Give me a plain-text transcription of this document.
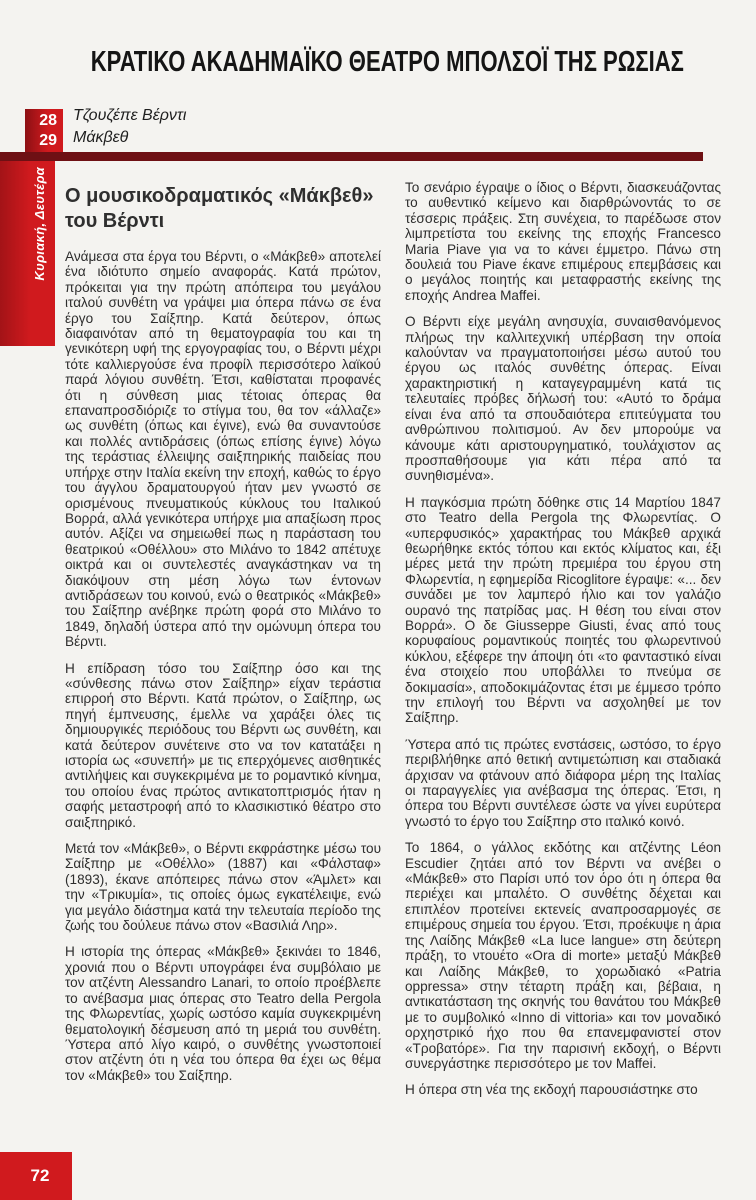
ΚΡΑΤΙΚΟ ΑΚΑΔΗΜΑΪΚΟ ΘΕΑΤΡΟ ΜΠΟΛΣΟΪ ΤΗΣ ΡΩΣΙΑΣ
28
29
Τζουζέπε Βέρντι
Μάκβεθ
Κυριακή, Δευτέρα Ο μουσικοδραματικός «Μάκβεθ» του Βέρντι

Ανάμεσα στα έργα του Βέρντι, ο «Μάκβεθ» αποτελεί ένα ιδιότυπο σημείο αναφοράς. Κατά πρώτον, πρόκειται για την πρώτη απόπειρα του μεγάλου ιταλού συνθέτη να γράψει μια όπερα πάνω σε ένα έργο του Σαίξπηρ. Κατά δεύτερον, όπως διαφαινόταν από τη θεματογραφία του και τη γενικότερη υφή της εργογραφίας του, ο Βέρντι μέχρι τότε καλλιεργούσε ένα προφίλ περισσότερο λαϊκού παρά λόγιου συνθέτη. Έτσι, καθίσταται προφανές ότι η σύνθεση μιας τέτοιας όπερας θα επαναπροσδιόριζε το στίγμα του, θα τον «άλλαζε» ως συνθέτη (όπως και έγινε), ενώ θα συναντούσε και πολλές αντιδράσεις (όπως επίσης έγινε) λόγω της τεράστιας έλλειψης σαιξπηρικής παιδείας που υπήρχε στην Ιταλία εκείνη την εποχή, καθώς το έργο του άγγλου δραματουργού ήταν μεν γνωστό σε ορισμένους πνευματικούς κύκλους του Ιταλικού Βορρά, αλλά γενικότερα υπήρχε μια απαξίωση προς αυτόν. Αξίζει να σημειωθεί πως η παράσταση του θεατρικού «Οθέλλου» στο Μιλάνο το 1842 απέτυχε οικτρά και οι συντελεστές αναγκάστηκαν να τη διακόψουν στη μέση λόγω των έντονων αντιδράσεων του κοινού, ενώ ο θεατρικός «Μάκβεθ» του Σαίξπηρ ανέβηκε πρώτη φορά στο Μιλάνο το 1849, δηλαδή ύστερα από την ομώνυμη όπερα του Βέρντι.

Η επίδραση τόσο του Σαίξπηρ όσο και της «σύνθεσης πάνω στον Σαίξπηρ» είχαν τεράστια επιρροή στο Βέρντι. Κατά πρώτον, ο Σαίξπηρ, ως πηγή έμπνευσης, έμελλε να χαράξει όλες τις δημιουργικές περιόδους του Βέρντι ως συνθέτη, και κατά δεύτερον συνέτεινε στο να τον κατατάξει η ιστορία ως «συνεπή» με τις επερχόμενες αισθητικές αντιλήψεις και συγκεκριμένα με το ρομαντικό κίνημα, του οποίου ένας πρώτος αντικατοπτρισμός ήταν η σαφής μεταστροφή από το κλασικιστικό θέατρο στο σαιξπηρικό.

Μετά τον «Μάκβεθ», ο Βέρντι εκφράστηκε μέσω του Σαίξπηρ με «Οθέλλο» (1887) και «Φάλσταφ» (1893), έκανε απόπειρες πάνω στον «Άμλετ» και την «Τρικυμία», τις οποίες όμως εγκατέλειψε, ενώ για μεγάλο διάστημα κατά την τελευταία περίοδο της ζωής του δούλευε πάνω στον «Βασιλιά Ληρ».

Η ιστορία της όπερας «Μάκβεθ» ξεκινάει το 1846, χρονιά που ο Βέρντι υπογράφει ένα συμβόλαιο με τον ατζέντη Alessandro Lanari, το οποίο προέβλεπε το ανέβασμα μιας όπερας στο Teatro della Pergola της Φλωρεντίας, χωρίς ωστόσο καμία συγκεκριμένη θεματολογική δέσμευση από τη μεριά του συνθέτη. Ύστερα από λίγο καιρό, ο συνθέτης γνωστοποιεί στον ατζέντη ότι η νέα του όπερα θα έχει ως θέμα τον «Μάκβεθ» του Σαίξπηρ.

Το σενάριο έγραψε ο ίδιος ο Βέρντι, διασκευάζοντας το αυθεντικό κείμενο και διαρθρώνοντάς το σε τέσσερις πράξεις. Στη συνέχεια, το παρέδωσε στον λιμπρετίστα του εκείνης της εποχής Francesco Maria Piave για να το κάνει έμμετρο. Πάνω στη δουλειά του Piave έκανε επιμέρους επεμβάσεις και ο μεγάλος ποιητής και μεταφραστής εκείνης της εποχής Andrea Maffei.

Ο Βέρντι είχε μεγάλη ανησυχία, συναισθανόμενος πλήρως την καλλιτεχνική υπέρβαση την οποία καλούνταν να πραγματοποιήσει μέσω αυτού του έργου ως ιταλός συνθέτης όπερας. Είναι χαρακτηριστική η καταγεγραμμένη κατά τις τελευταίες πρόβες δήλωσή του: «Αυτό το δράμα είναι ένα από τα σπουδαιότερα επιτεύγματα του ανθρώπινου πολιτισμού. Αν δεν μπορούμε να κάνουμε κάτι αριστουργηματικό, τουλάχιστον ας προσπαθήσουμε για κάτι πέρα από τα συνηθισμένα».

Η παγκόσμια πρώτη δόθηκε στις 14 Μαρτίου 1847 στο Teatro della Pergola της Φλωρεντίας. Ο «υπερφυσικός» χαρακτήρας του Μάκβεθ αρχικά θεωρήθηκε εκτός τόπου και εκτός κλίματος και, έξι μέρες μετά την πρώτη πρεμιέρα του έργου στη Φλωρεντία, η εφημερίδα Ricoglitore έγραψε: «... δεν συνάδει με τον λαμπερό ήλιο και τον γαλάζιο ουρανό της πατρίδας μας. Η θέση του είναι στον Βορρά». Ο δε Giusseppe Giusti, ένας από τους κορυφαίους ρομαντικούς ποιητές του φλωρεντινού κύκλου, εξέφερε την άποψη ότι «το φανταστικό είναι ένα στοιχείο που υποβάλλει το πνεύμα σε δοκιμασία», αποδοκιμάζοντας έτσι με έμμεσο τρόπο την επιλογή του Βέρντι να ασχοληθεί με τον Σαίξπηρ.

Ύστερα από τις πρώτες ενστάσεις, ωστόσο, το έργο περιβλήθηκε από θετική αντιμετώπιση και σταδιακά άρχισαν να φτάνουν από διάφορα μέρη της Ιταλίας οι παραγγελίες για ανέβασμα της όπερας. Έτσι, η όπερα του Βέρντι συντέλεσε ώστε να γίνει ευρύτερα γνωστό το έργο του Σαίξπηρ στο ιταλικό κοινό.

Το 1864, ο γάλλος εκδότης και ατζέντης Léon Escudier ζητάει από τον Βέρντι να ανέβει ο «Μάκβεθ» στο Παρίσι υπό τον όρο ότι η όπερα θα περιέχει και μπαλέτο. Ο συνθέτης δέχεται και επιπλέον προτείνει εκτενείς αναπροσαρμογές σε επιμέρους σημεία του έργου. Έτσι, προέκυψε η άρια της Λαίδης Μάκβεθ «La luce langue» στη δεύτερη πράξη, το ντουέτο «Ora di morte» μεταξύ Μάκβεθ και Λαίδης Μάκβεθ, το χορωδιακό «Patria oppressa» στην τέταρτη πράξη και, βέβαια, η αντικατάσταση της σκηνής του θανάτου του Μάκβεθ με το συμβολικό «Inno di vittoria» και τον μοναδικό ορχηστρικό ήχο που θα επανεμφανιστεί στον «Τροβατόρε». Για την παρισινή εκδοχή, ο Βέρντι συνεργάστηκε περισσότερο με τον Maffei.

Η όπερα στη νέα της εκδοχή παρουσιάστηκε στο

72
